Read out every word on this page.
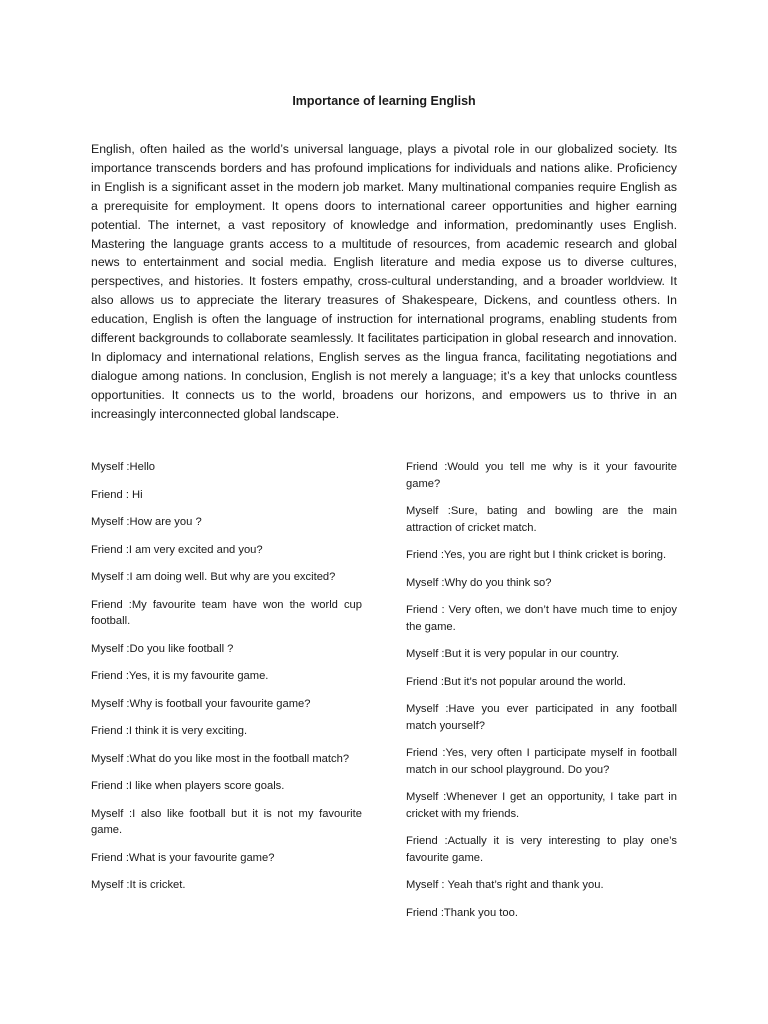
Importance of learning English

English, often hailed as the world’s universal language, plays a pivotal role in our globalized society. Its importance transcends borders and has profound implications for individuals and nations alike. Proficiency in English is a significant asset in the modern job market. Many multinational companies require English as a prerequisite for employment. It opens doors to international career opportunities and higher earning potential. The internet, a vast repository of knowledge and information, predominantly uses English. Mastering the language grants access to a multitude of resources, from academic research and global news to entertainment and social media. English literature and media expose us to diverse cultures, perspectives, and histories. It fosters empathy, cross-cultural understanding, and a broader worldview. It also allows us to appreciate the literary treasures of Shakespeare, Dickens, and countless others. In education, English is often the language of instruction for international programs, enabling students from different backgrounds to collaborate seamlessly. It facilitates participation in global research and innovation. In diplomacy and international relations, English serves as the lingua franca, facilitating negotiations and dialogue among nations. In conclusion, English is not merely a language; it’s a key that unlocks countless opportunities. It connects us to the world, broadens our horizons, and empowers us to thrive in an increasingly interconnected global landscape.

Myself :Hello

Friend : Hi

Myself :How are you ?

Friend :I am very excited and you?

Myself :I am doing well. But why are you excited?

Friend :My favourite team have won the world cup football.

Myself :Do you like football ?

Friend :Yes, it is my favourite game.

Myself :Why is football your favourite game?

Friend :I think it is very exciting.

Myself :What do you like most in the football match?

Friend :I like when players score goals.

Myself :I also like football but it is not my favourite game.

Friend :What is your favourite game?

Myself :It is cricket.

Friend :Would you tell me why is it your favourite game?

Myself :Sure, bating and bowling are the main attraction of cricket match.

Friend :Yes, you are right but I think cricket is boring.

Myself :Why do you think so?

Friend : Very often, we don’t have much time to enjoy the game.

Myself :But it is very popular in our country.

Friend :But it’s not popular around the world.

Myself :Have you ever participated in any football match yourself?

Friend :Yes, very often I participate myself in football match in our school playground. Do you?

Myself :Whenever I get an opportunity, I take part in cricket with my friends.

Friend :Actually it is very interesting to play one’s favourite game.

Myself : Yeah that’s right and thank you.

Friend :Thank you too.
